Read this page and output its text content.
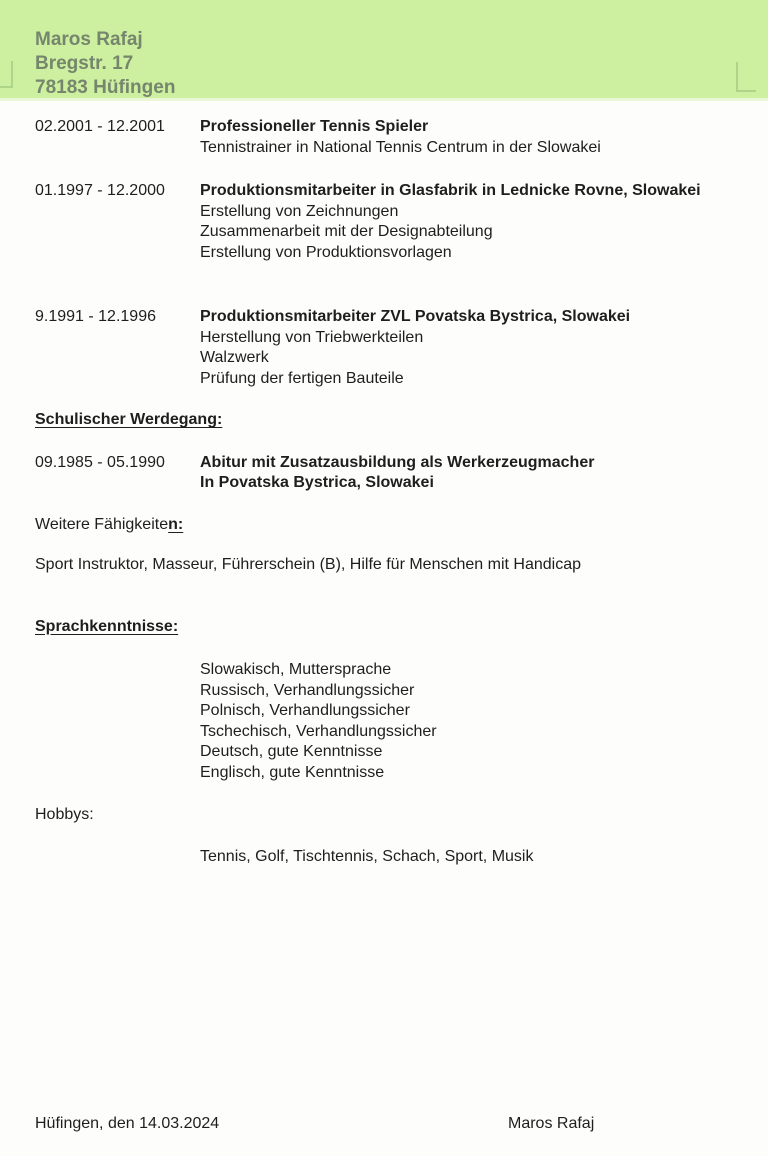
Maros Rafaj
Bregstr. 17
78183 Hüfingen
02.2001 - 12.2001	Professioneller Tennis Spieler
Tennistrainer in National Tennis Centrum in der Slowakei
01.1997 - 12.2000	Produktionsmitarbeiter in Glasfabrik in Lednicke Rovne, Slowakei
Erstellung von Zeichnungen
Zusammenarbeit mit der Designabteilung
Erstellung von Produktionsvorlagen
9.1991 - 12.1996	Produktionsmitarbeiter ZVL Povatska Bystrica, Slowakei
Herstellung von Triebwerkteilen
Walzwerk
Prüfung der fertigen Bauteile
Schulischer Werdegang:
09.1985 - 05.1990	Abitur mit Zusatzausbildung als Werkerzeugmacher
In Povatska Bystrica, Slowakei
Weitere Fähigkeiten:
Sport Instruktor, Masseur, Führerschein (B), Hilfe für Menschen mit Handicap
Sprachkenntnisse:
Slowakisch, Muttersprache
Russisch, Verhandlungssicher
Polnisch, Verhandlungssicher
Tschechisch, Verhandlungssicher
Deutsch, gute Kenntnisse
Englisch, gute Kenntnisse
Hobbys:
Tennis, Golf, Tischtennis, Schach, Sport, Musik
Hüfingen, den 14.03.2024	Maros Rafaj
